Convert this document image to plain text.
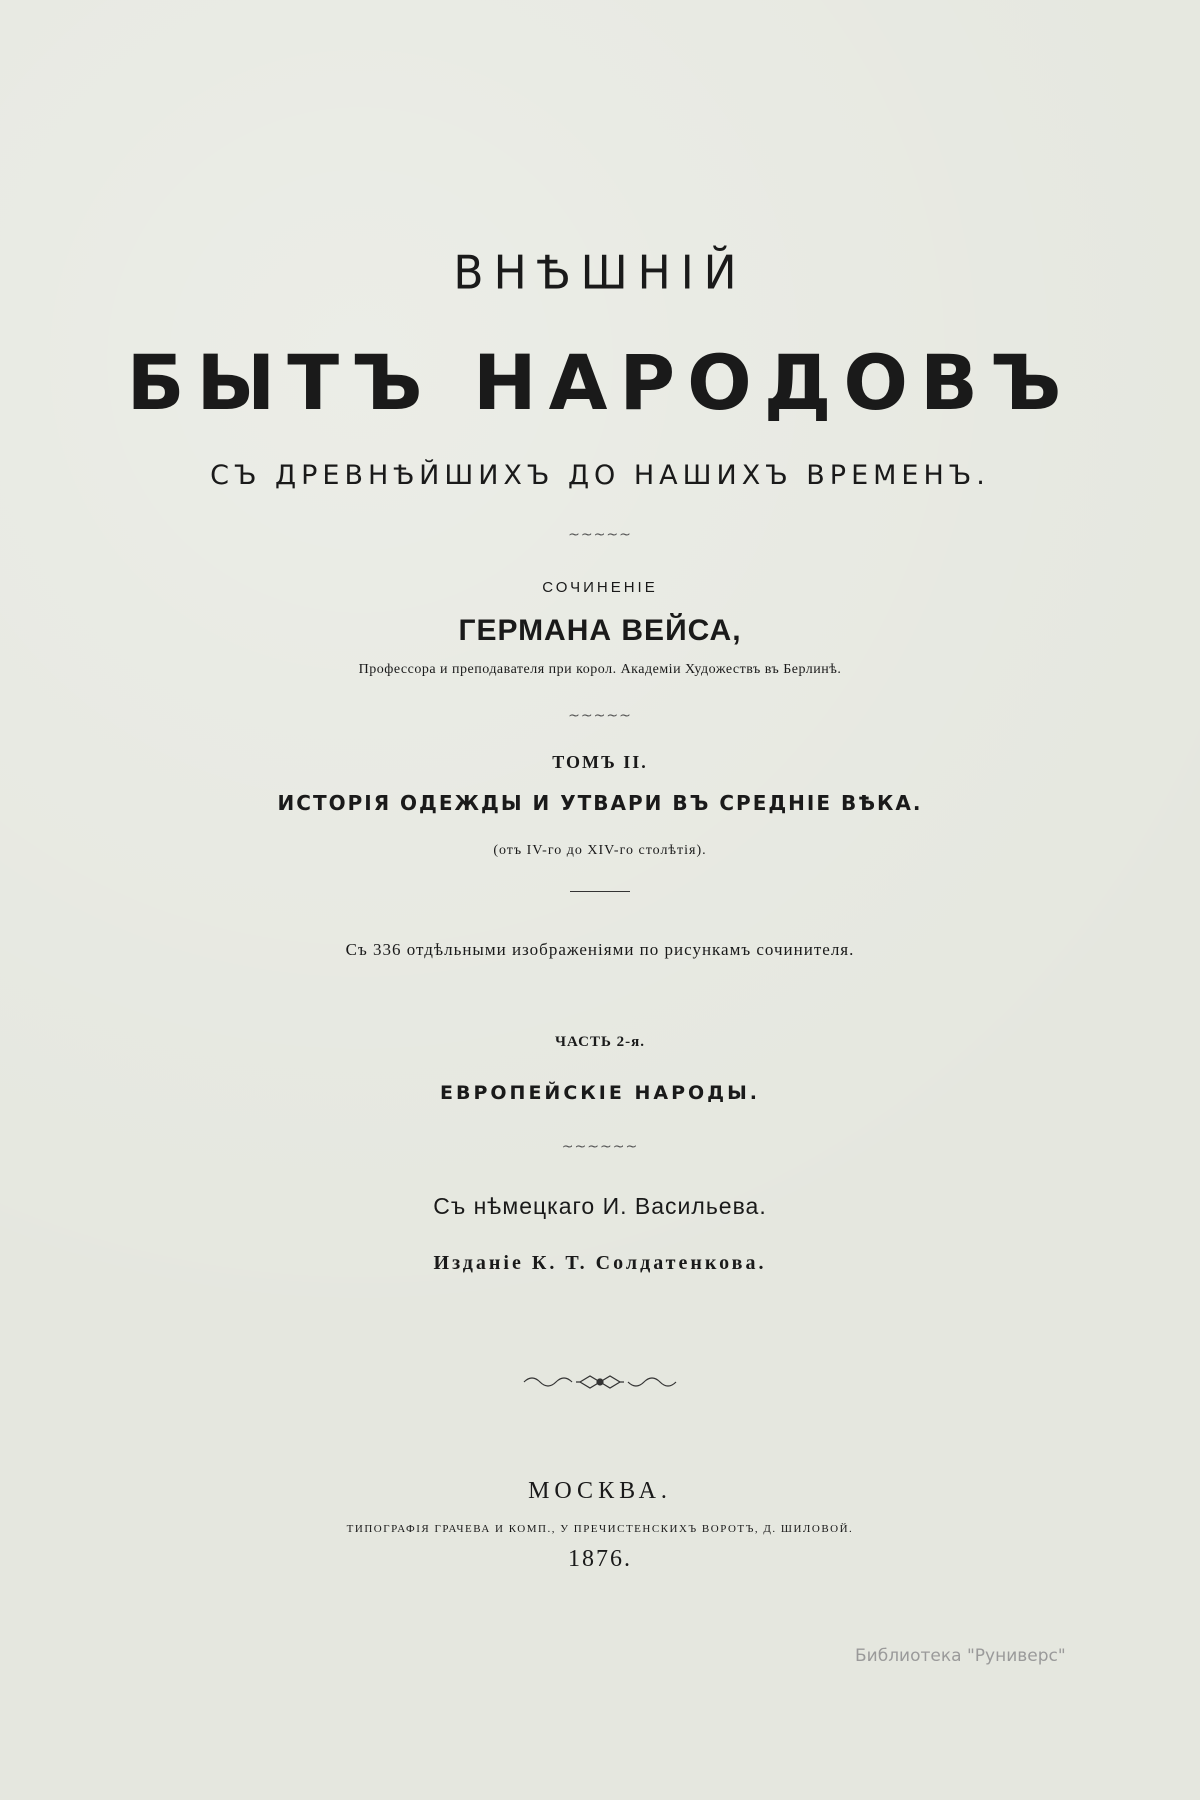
ВНѢШНІЙ
БЫТЪ НАРОДОВЪ
СЪ ДРЕВНѢЙШИХЪ ДО НАШИХЪ ВРЕМЕНЪ.
~~~~~
СОЧИНЕНІЕ
ГЕРМАНА ВЕЙСА,
Профессора и преподавателя при корол. Академіи Художествъ въ Берлинѣ.
~~~~~
ТОМЪ II.
ИСТОРІЯ ОДЕЖДЫ И УТВАРИ ВЪ СРЕДНІЕ ВѢКА.
(отъ IV-го до XIV-го столѣтія).
Съ 336 отдѣльными изображеніями по рисункамъ сочинителя.
ЧАСТЬ 2-я.
ЕВРОПЕЙСКІЕ НАРОДЫ.
~~~~~~
Съ нѣмецкаго И. Васильева.
Изданіе К. Т. Солдатенкова.
МОСКВА.
ТИПОГРАФІЯ ГРАЧЕВА И КОМП., У ПРЕЧИСТЕНСКИХЪ ВОРОТЪ, Д. ШИЛОВОЙ.
1876.
Библиотека "Руниверс"
